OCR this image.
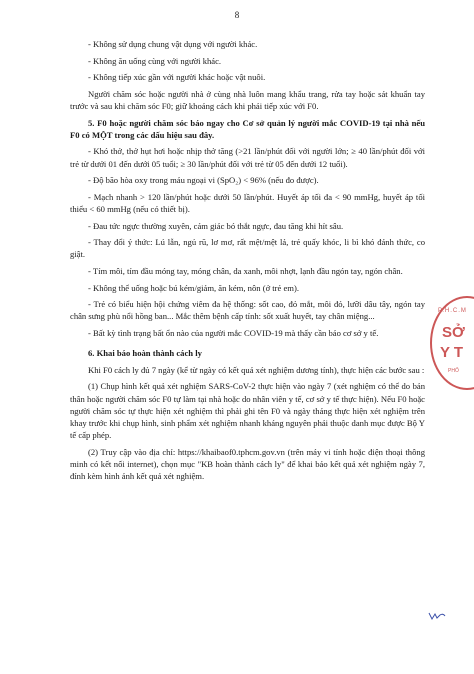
8

- Không sử dụng chung vật dụng với người khác.

- Không ăn uống cùng với người khác.

- Không tiếp xúc gần với người khác hoặc vật nuôi.

Người chăm sóc hoặc người nhà ở cùng nhà luôn mang khẩu trang, rửa tay hoặc sát khuẩn tay trước và sau khi chăm sóc F0; giữ khoảng cách khi phải tiếp xúc với F0.

5. F0 hoặc người chăm sóc báo ngay cho Cơ sở quản lý người mắc COVID-19 tại nhà nếu F0 có MỘT trong các dấu hiệu sau đây.

- Khó thở, thở hụt hơi hoặc nhịp thở tăng (>21 lần/phút đối với người lớn; ≥ 40 lần/phút đối với trẻ từ dưới 01 đến dưới 05 tuổi; ≥ 30 lần/phút đối với trẻ từ 05 đến dưới 12 tuổi).

- Độ bão hòa oxy trong máu ngoại vi (SpO₂) < 96% (nếu đo được).

- Mạch nhanh > 120 lần/phút hoặc dưới 50 lần/phút. Huyết áp tối đa < 90 mmHg, huyết áp tối thiểu < 60 mmHg (nếu có thiết bị).

- Đau tức ngực thường xuyên, cảm giác bó thắt ngực, đau tăng khi hít sâu.

- Thay đổi ý thức: Lú lẫn, ngủ rũ, lơ mơ, rất mệt/mệt lả, trẻ quấy khóc, li bì khó đánh thức, co giật.

- Tím môi, tím đầu móng tay, móng chân, da xanh, môi nhợt, lạnh đầu ngón tay, ngón chân.

- Không thể uống hoặc bú kém/giảm, ăn kém, nôn (ở trẻ em).

- Trẻ có biểu hiện hội chứng viêm đa hệ thống: sốt cao, đỏ mắt, môi đỏ, lưỡi dâu tây, ngón tay chân sưng phù nổi hồng ban... Mắc thêm bệnh cấp tính: sốt xuất huyết, tay chân miệng...

- Bất kỳ tình trạng bất ổn nào của người mắc COVID-19 mà thấy cần báo cơ sở y tế.

6. Khai báo hoàn thành cách ly

Khi F0 cách ly đủ 7 ngày (kể từ ngày có kết quả xét nghiệm dương tính), thực hiện các bước sau :

(1) Chụp hình kết quả xét nghiệm SARS-CoV-2 thực hiện vào ngày 7 (xét nghiệm có thể do bản thân hoặc người chăm sóc F0 tự làm tại nhà hoặc do nhân viên y tế, cơ sở y tế thực hiện). Nếu F0 hoặc người chăm sóc tự thực hiện xét nghiệm thì phải ghi tên F0 và ngày tháng thực hiện xét nghiệm trên khay trước khi chụp hình, sinh phẩm xét nghiệm nhanh kháng nguyên phải thuộc danh mục được Bộ Y tế cấp phép.

(2) Truy cập vào địa chỉ: https://khaibaof0.tphcm.gov.vn (trên máy vi tính hoặc điện thoại thông minh có kết nối internet), chọn mục "KB hoàn thành cách ly" để khai báo kết quả xét nghiệm ngày 7, đính kèm hình ảnh kết quả xét nghiệm.

P.H.C.M
SỞ
Y T
PHỐ
